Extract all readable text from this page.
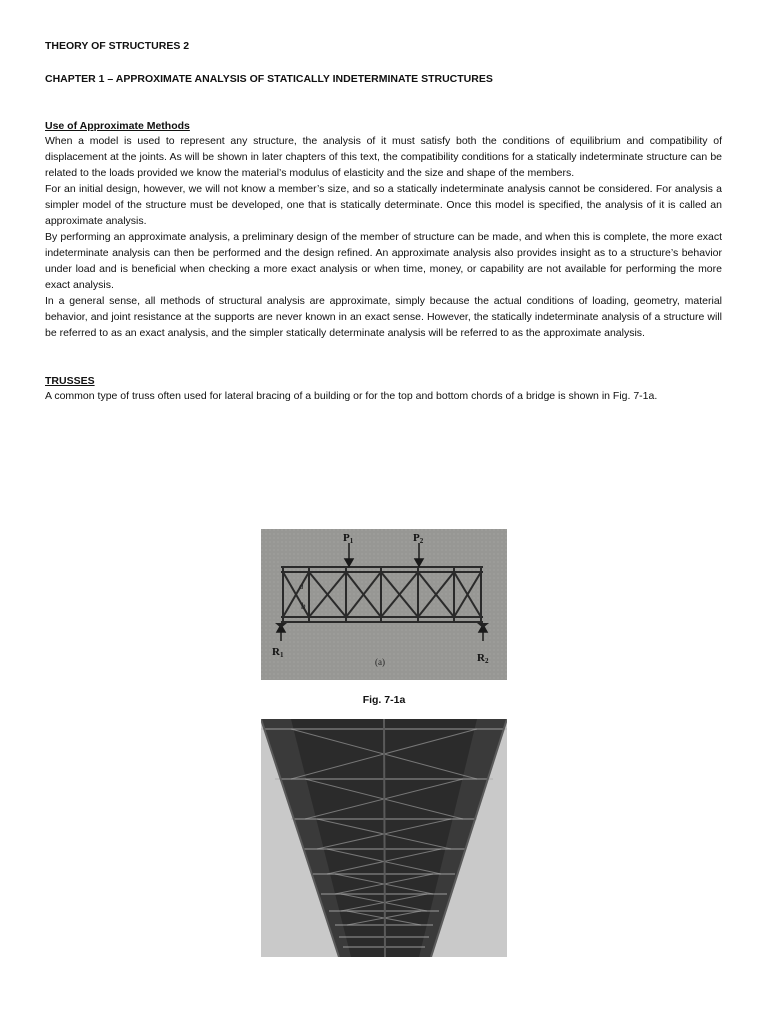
THEORY OF STRUCTURES 2

CHAPTER 1 – APPROXIMATE ANALYSIS OF STATICALLY INDETERMINATE STRUCTURES

Use of Approximate Methods

When a model is used to represent any structure, the analysis of it must satisfy both the conditions of equilibrium and compatibility of displacement at the joints. As will be shown in later chapters of this text, the compatibility conditions for a statically indeterminate structure can be related to the loads provided we know the material’s modulus of elasticity and the size and shape of the members.

For an initial design, however, we will not know a member’s size, and so a statically indeterminate analysis cannot be considered. For analysis a simpler model of the structure must be developed, one that is statically determinate. Once this model is specified, the analysis of it is called an approximate analysis.

By performing an approximate analysis, a preliminary design of the member of structure can be made, and when this is complete, the more exact indeterminate analysis can then be performed and the design refined. An approximate analysis also provides insight as to a structure’s behavior under load and is beneficial when checking a more exact analysis or when time, money, or capability are not available for performing the more exact analysis.

In a general sense, all methods of structural analysis are approximate, simply because the actual conditions of loading, geometry, material behavior, and joint resistance at the supports are never known in an exact sense. However, the statically indeterminate analysis of a structure will be referred to as an exact analysis, and the simpler statically determinate analysis will be referred to as the approximate analysis.

TRUSSES

A common type of truss often used for lateral bracing of a building or for the top and bottom chords of a bridge is shown in Fig. 7-1a.

P1	P2
R1	R2
a
b
(a)
Fig. 7-1a
